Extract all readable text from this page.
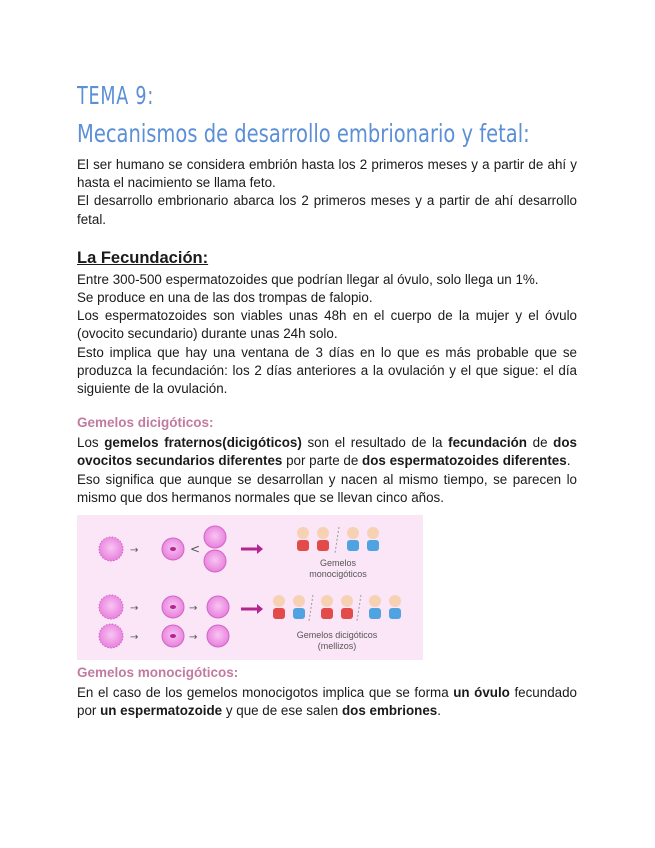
TEMA 9:
Mecanismos de desarrollo embrionario y fetal:

El ser humano se considera embrión hasta los 2 primeros meses y a partir de ahí y hasta el nacimiento se llama feto.

El desarrollo embrionario abarca los 2 primeros meses y a partir de ahí desarrollo fetal.

La Fecundación:

Entre 300-500 espermatozoides que podrían llegar al óvulo, solo llega un 1%.

Se produce en una de las dos trompas de falopio.

Los espermatozoides son viables unas 48h en el cuerpo de la mujer y el óvulo (ovocito secundario) durante unas 24h solo.

Esto implica que hay una ventana de 3 días en lo que es más probable que se produzca la fecundación: los 2 días anteriores a la ovulación y el que sigue: el día siguiente de la ovulación.

Gemelos dicigóticos:

Los gemelos fraternos(dicigóticos) son el resultado de la fecundación de dos ovocitos secundarios diferentes por parte de dos espermatozoides diferentes.

Eso significa que aunque se desarrollan y nacen al mismo tiempo, se parecen lo mismo que dos hermanos normales que se llevan cinco años.

→	<
Gemelos
monocigóticos
→
→
→
→	Gemelos dicigóticos
(mellizos)
Gemelos monocigóticos:

En el caso de los gemelos monocigotos implica que se forma un óvulo fecundado por un espermatozoide y que de ese salen dos embriones.
